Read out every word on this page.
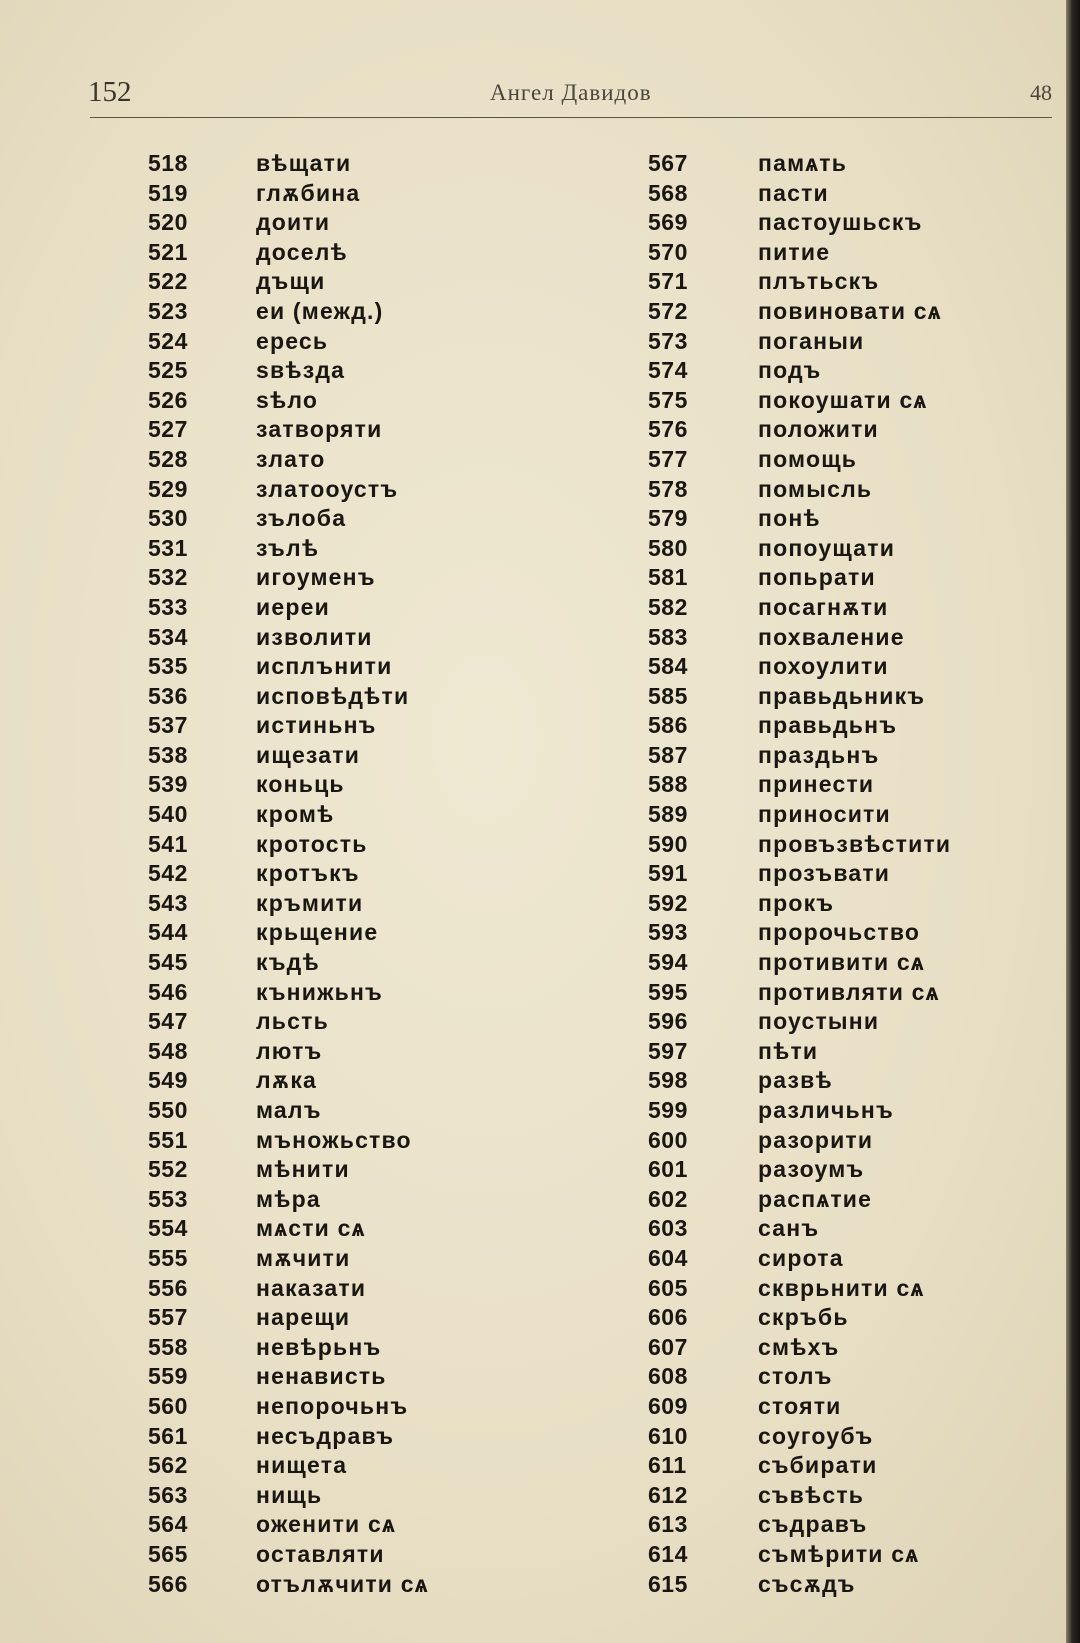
152	Ангел Давидов	48
518	вѣщати
519	глѫбина
520	доити
521	доселѣ
522	дъщи
523	еи (межд.)
524	ересь
525	ѕвѣзда
526	ѕѣло
527	затворяти
528	злато
529	златооустъ
530	зълоба
531	зълѣ
532	игоуменъ
533	иереи
534	изволити
535	исплънити
536	исповѣдѣти
537	истиньнъ
538	ищезати
539	коньць
540	кромѣ
541	кротость
542	кротъкъ
543	кръмити
544	крьщение
545	къдѣ
546	кънижьнъ
547	льсть
548	лютъ
549	лѫка
550	малъ
551	мъножьство
552	мѣнити
553	мѣра
554	мѧсти сѧ
555	мѫчити
556	наказати
557	нарещи
558	невѣрьнъ
559	ненависть
560	непорочьнъ
561	несъдравъ
562	нищета
563	нищь
564	оженити сѧ
565	оставляти
566	отълѫчити сѧ
567	памѧть
568	пасти
569	пастоушьскъ
570	питие
571	плътьскъ
572	повиновати сѧ
573	поганыи
574	подъ
575	покоушати сѧ
576	положити
577	помощь
578	помысль
579	понѣ
580	попоущати
581	попьрати
582	посагнѫти
583	похваление
584	похоулити
585	правьдьникъ
586	правьдьнъ
587	праздьнъ
588	принести
589	приносити
590	провъзвѣстити
591	прозъвати
592	прокъ
593	пророчьство
594	противити сѧ
595	противляти сѧ
596	поустыни
597	пѣти
598	развѣ
599	различьнъ
600	разорити
601	разоумъ
602	распѧтие
603	санъ
604	сирота
605	скврьнити сѧ
606	скръбь
607	смѣхъ
608	столъ
609	стояти
610	соугоубъ
611	събирати
612	съвѣсть
613	съдравъ
614	съмѣрити сѧ
615	съсѫдъ
